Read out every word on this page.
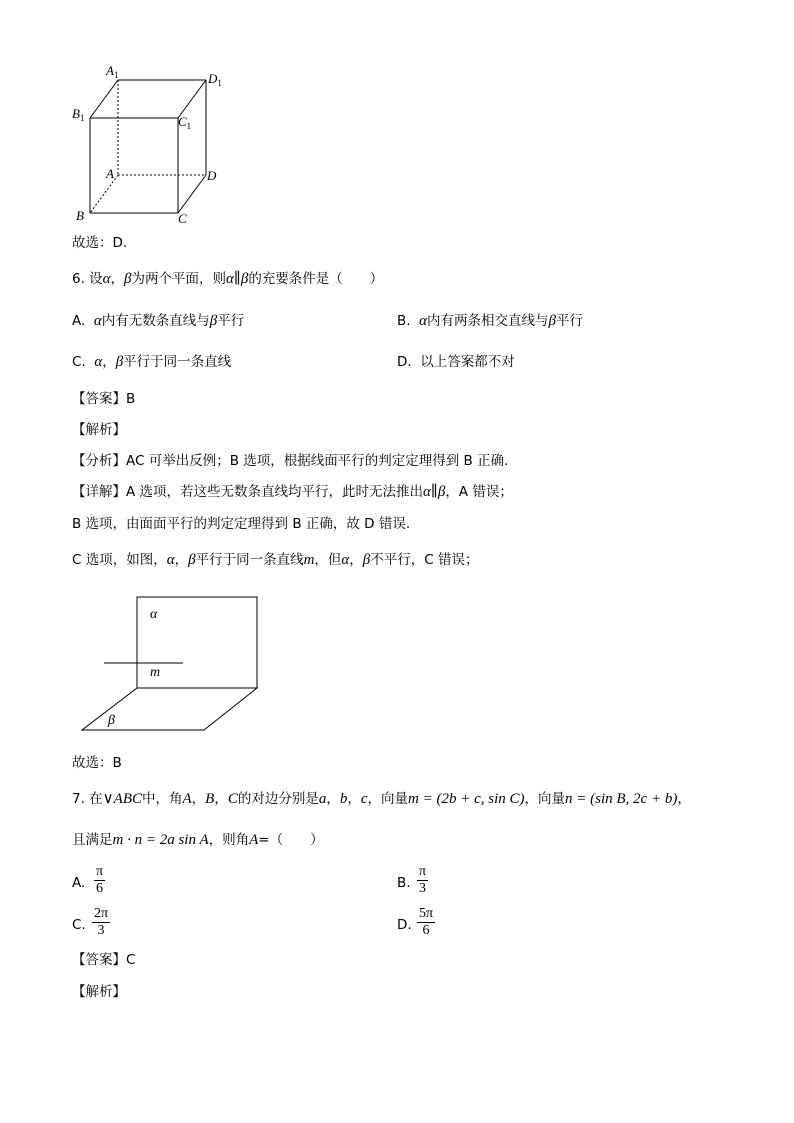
$A_1$	$D_1$
$B_1$	$C_1$
A	D
B	C
故选：D.
6. 设α，β为两个平面，则α∥β的充要条件是（　　）
A. α内有无数条直线与β平行	B. α内有两条相交直线与β平行
C. α，β平行于同一条直线	D. 以上答案都不对
【答案】B
【解析】
【分析】AC 可举出反例；B 选项，根据线面平行的判定定理得到 B 正确.
【详解】A 选项，若这些无数条直线均平行，此时无法推出α∥β，A 错误；
B 选项，由面面平行的判定定理得到 B 正确，故 D 错误.
C 选项，如图，α，β平行于同一条直线m，但α，β不平行，C 错误；
α
m
β
故选：B
7. 在∨ABC中，角A，B，C的对边分别是a，b，c，向量m = (2b + c, sin C)，向量n = (sin B, 2c + b)，
且满足m · n = 2a sin A，则角A=（　　）
A. $\frac{\pi}{6}$	B. $\frac{\pi}{3}$
C. $\frac{2\pi}{3}$	D. $\frac{5\pi}{6}$
【答案】C
【解析】
